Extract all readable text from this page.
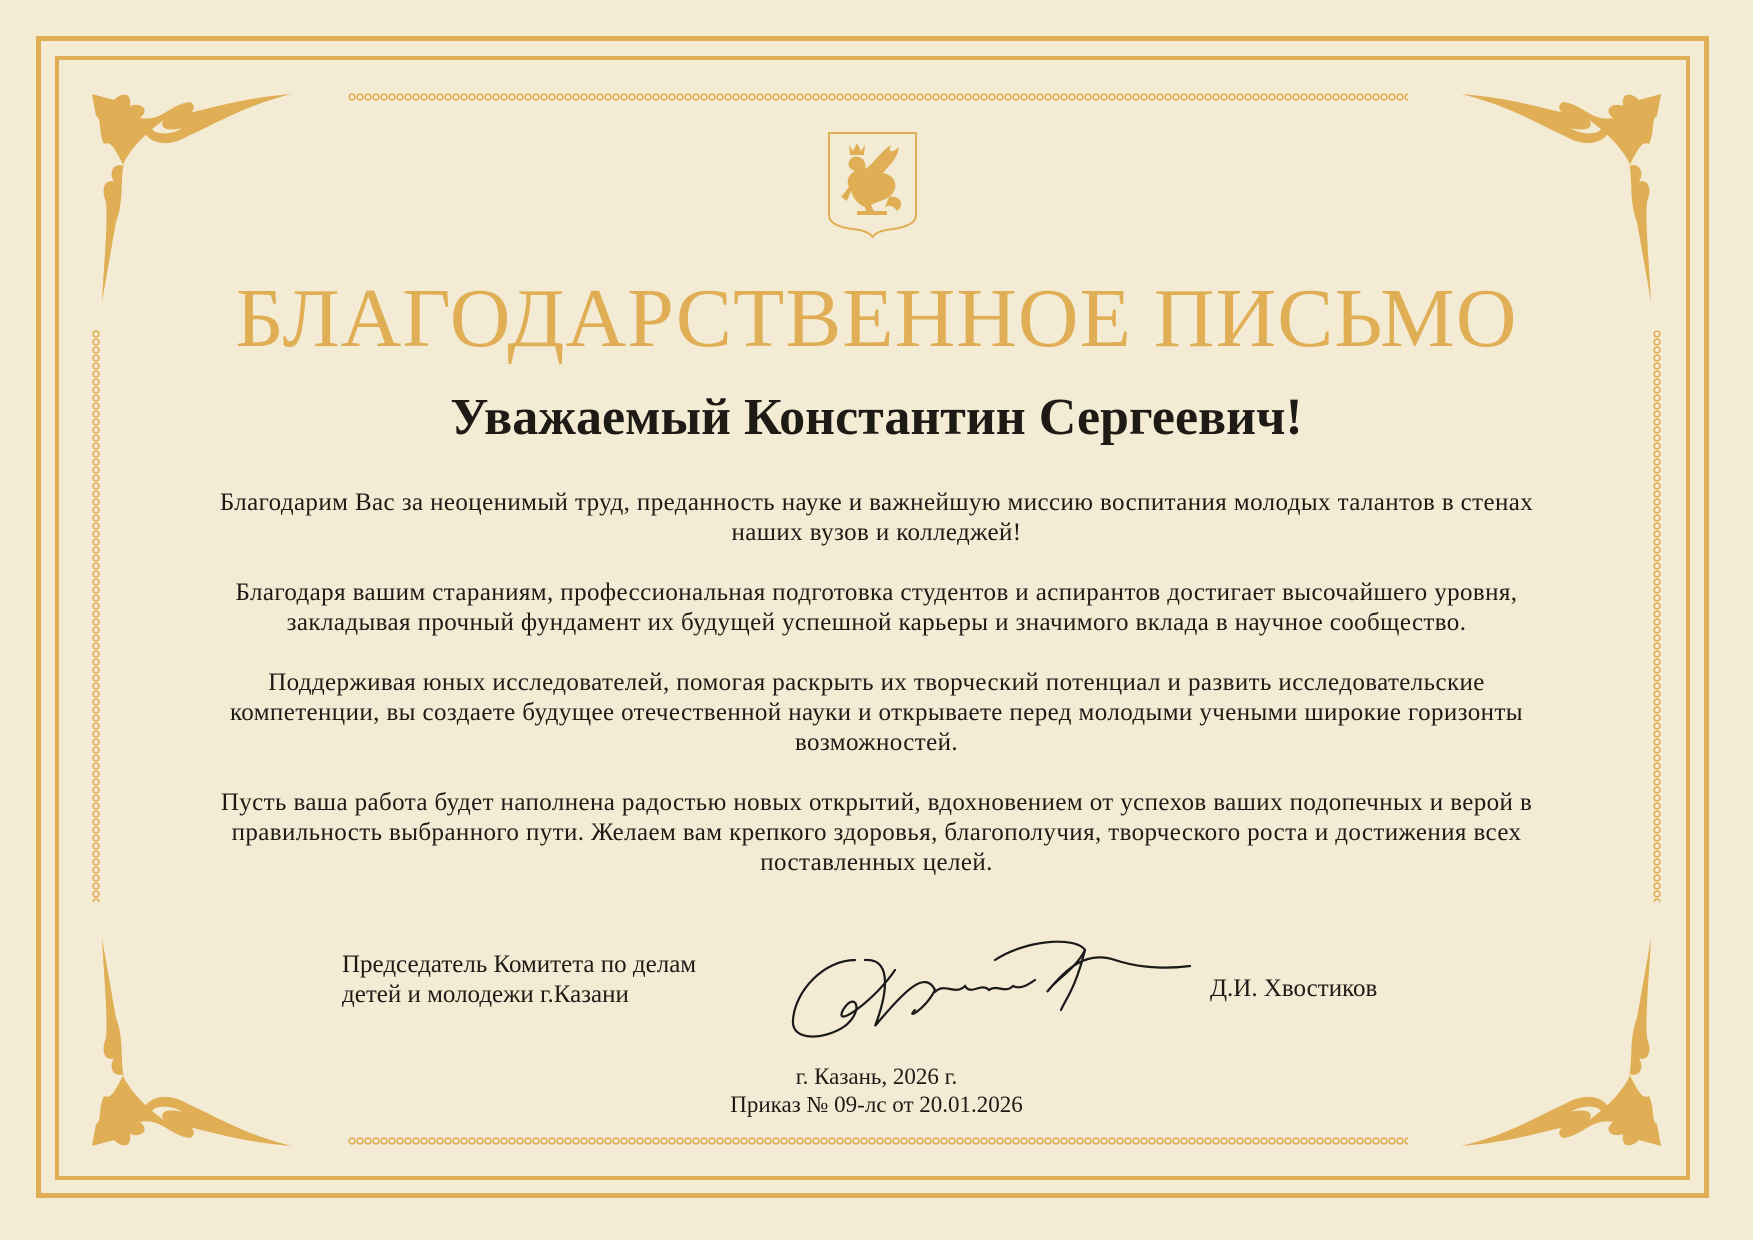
БЛАГОДАРСТВЕННОЕ ПИСЬМО
Уважаемый Константин Сергеевич!

Благодарим Вас за неоценимый труд, преданность науке и важнейшую миссию воспитания молодых талантов в стенах наших вузов и колледжей!

Благодаря вашим стараниям, профессиональная подготовка студентов и аспирантов достигает высочайшего уровня, закладывая прочный фундамент их будущей успешной карьеры и значимого вклада в научное сообщество.

Поддерживая юных исследователей, помогая раскрыть их творческий потенциал и развить исследовательские компетенции, вы создаете будущее отечественной науки и открываете перед молодыми учеными широкие горизонты возможностей.

Пусть ваша работа будет наполнена радостью новых открытий, вдохновением от успехов ваших подопечных и верой в правильность выбранного пути. Желаем вам крепкого здоровья, благополучия, творческого роста и достижения всех поставленных целей.

Председатель Комитета по делам
детей и молодежи г.Казани	Д.И. Хвостиков
г. Казань, 2026 г.
Приказ № 09-лс от 20.01.2026
